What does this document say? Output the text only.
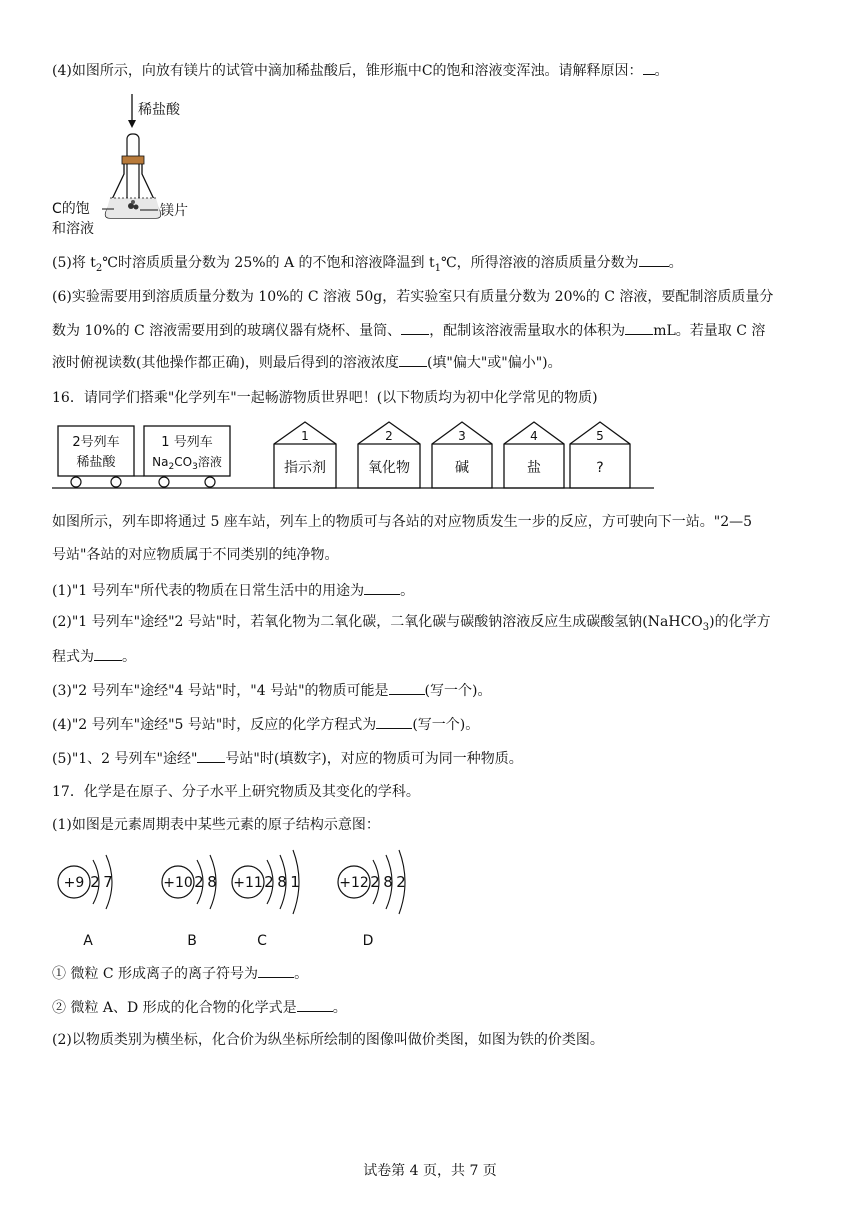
(4)如图所示，向放有镁片的试管中滴加稀盐酸后，锥形瓶中C的饱和溶液变浑浊。请解释原因： 。
稀盐酸
C的饱
和溶液
镁片
(5)将 $t_2℃$时溶质质量分数为 25%的 A 的不饱和溶液降温到 $t_1℃$，所得溶液的溶质质量分数为 。
(6)实验需要用到溶质质量分数为 10%的 C 溶液 50g，若实验室只有质量分数为 20%的 C 溶液，要配制溶质质量分
数为 10%的 C 溶液需要用到的玻璃仪器有烧杯、量筒、 ，配制该溶液需量取水的体积为 mL。若量取 C 溶
液时俯视读数(其他操作都正确)，则最后得到的溶液浓度 (填"偏大"或"偏小")。
16．请同学们搭乘"化学列车"一起畅游物质世界吧！(以下物质均为初中化学常见的物质)
2号列车
稀盐酸
1 号列车
$Na_2CO_3$溶液
1
指示剂
2
氧化物
3
碱
4
盐
5
?
如图所示，列车即将通过 5 座车站，列车上的物质可与各站的对应物质发生一步的反应，方可驶向下一站。"2—5
号站"各站的对应物质属于不同类别的纯净物。
(1)"1 号列车"所代表的物质在日常生活中的用途为	。
(2)"1 号列车"途经"2 号站"时，若氧化物为二氧化碳，二氧化碳与碳酸钠溶液反应生成碳酸氢钠(NaHCO$_3$)的化学方
程式为 。
(3)"2 号列车"途经"4 号站"时，"4 号站"的物质可能是	(写一个)。
(4)"2 号列车"途经"5 号站"时，反应的化学方程式为	(写一个)。
(5)"1、2 号列车"途经" 号站"时(填数字)，对应的物质可为同一种物质。
17．化学是在原子、分子水平上研究物质及其变化的学科。
(1)如图是元素周期表中某些元素的原子结构示意图：
+9 2 7
A
+10 2 8
B
+11 2 8 1
C
+12 2 8 2
D
① 微粒 C 形成离子的离子符号为	。
② 微粒 A、D 形成的化合物的化学式是	。
(2)以物质类别为横坐标，化合价为纵坐标所绘制的图像叫做价类图，如图为铁的价类图。
试卷第 4 页，共 7 页
